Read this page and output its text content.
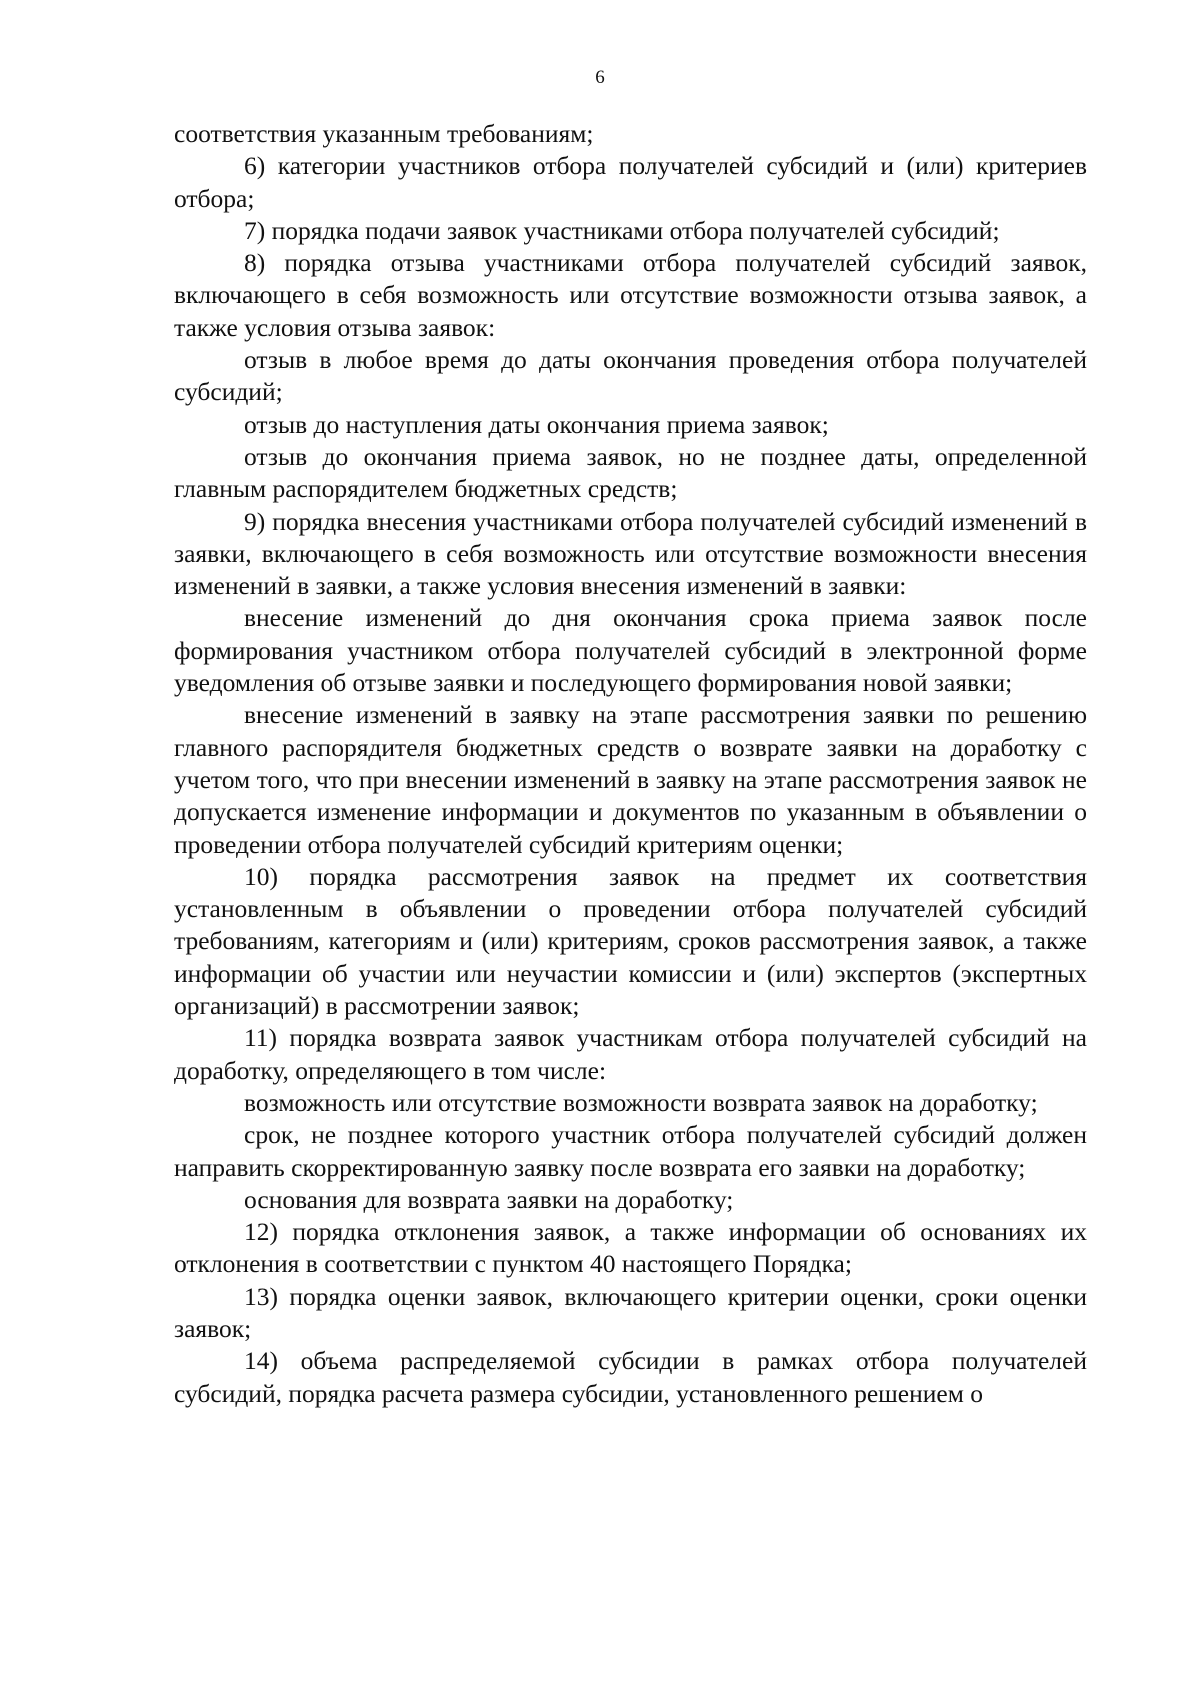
6

соответствия указанным требованиям;

6) категории участников отбора получателей субсидий и (или) критериев отбора;

7) порядка подачи заявок участниками отбора получателей субсидий;

8) порядка отзыва участниками отбора получателей субсидий заявок, включающего в себя возможность или отсутствие возможности отзыва заявок, а также условия отзыва заявок:

отзыв в любое время до даты окончания проведения отбора получателей субсидий;

отзыв до наступления даты окончания приема заявок;

отзыв до окончания приема заявок, но не позднее даты, определенной главным распорядителем бюджетных средств;

9) порядка внесения участниками отбора получателей субсидий изменений в заявки, включающего в себя возможность или отсутствие возможности внесения изменений в заявки, а также условия внесения изменений в заявки:

внесение изменений до дня окончания срока приема заявок после формирования участником отбора получателей субсидий в электронной форме уведомления об отзыве заявки и последующего формирования новой заявки;

внесение изменений в заявку на этапе рассмотрения заявки по решению главного распорядителя бюджетных средств о возврате заявки на доработку с учетом того, что при внесении изменений в заявку на этапе рассмотрения заявок не допускается изменение информации и документов по указанным в объявлении о проведении отбора получателей субсидий критериям оценки;

10) порядка рассмотрения заявок на предмет их соответствия установленным в объявлении о проведении отбора получателей субсидий требованиям, категориям и (или) критериям, сроков рассмотрения заявок, а также информации об участии или неучастии комиссии и (или) экспертов (экспертных организаций) в рассмотрении заявок;

11) порядка возврата заявок участникам отбора получателей субсидий на доработку, определяющего в том числе:

возможность или отсутствие возможности возврата заявок на доработку;

срок, не позднее которого участник отбора получателей субсидий должен направить скорректированную заявку после возврата его заявки на доработку;

основания для возврата заявки на доработку;

12) порядка отклонения заявок, а также информации об основаниях их отклонения в соответствии с пунктом 40 настоящего Порядка;

13) порядка оценки заявок, включающего критерии оценки, сроки оценки заявок;

14) объема распределяемой субсидии в рамках отбора получателей субсидий, порядка расчета размера субсидии, установленного решением о
